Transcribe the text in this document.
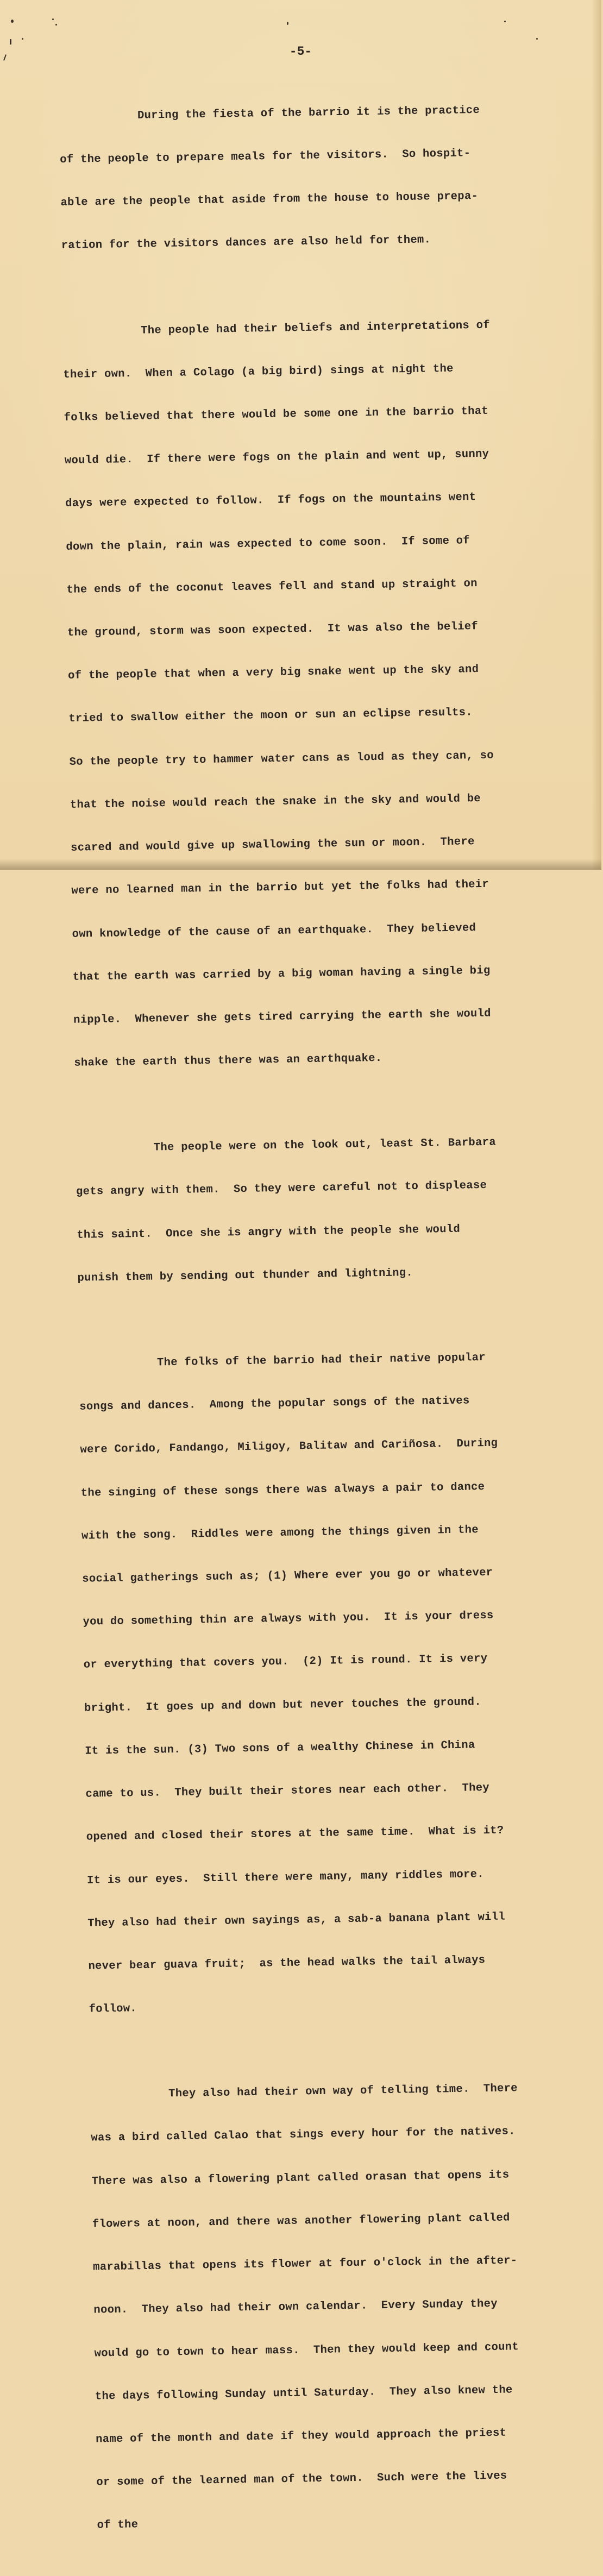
-5-

During the fiesta of the barrio it is the practice

of the people to prepare meals for the visitors.  So hospit-

able are the people that aside from the house to house prepa-

ration for the visitors dances are also held for them.

The people had their beliefs and interpretations of

their own.  When a Colago (a big bird) sings at night the

folks believed that there would be some one in the barrio that

would die.  If there were fogs on the plain and went up, sunny

days were expected to follow.  If fogs on the mountains went

down the plain, rain was expected to come soon.  If some of

the ends of the coconut leaves fell and stand up straight on

the ground, storm was soon expected.  It was also the belief

of the people that when a very big snake went up the sky and

tried to swallow either the moon or sun an eclipse results.

So the people try to hammer water cans as loud as they can, so

that the noise would reach the snake in the sky and would be

scared and would give up swallowing the sun or moon.  There

were no learned man in the barrio but yet the folks had their

own knowledge of the cause of an earthquake.  They believed

that the earth was carried by a big woman having a single big

nipple.  Whenever she gets tired carrying the earth she would

shake the earth thus there was an earthquake.

The people were on the look out, least St. Barbara

gets angry with them.  So they were careful not to displease

this saint.  Once she is angry with the people she would

punish them by sending out thunder and lightning.

The folks of the barrio had their native popular

songs and dances.  Among the popular songs of the natives

were Corido, Fandango, Miligoy, Balitaw and Cariñosa.  During

the singing of these songs there was always a pair to dance

with the song.  Riddles were among the things given in the

social gatherings such as; (1) Where ever you go or whatever

you do something thin are always with you.  It is your dress

or everything that covers you.  (2) It is round. It is very

bright.  It goes up and down but never touches the ground.

It is the sun. (3) Two sons of a wealthy Chinese in China

came to us.  They built their stores near each other.  They

opened and closed their stores at the same time.  What is it?

It is our eyes.  Still there were many, many riddles more.

They also had their own sayings as, a sab-a banana plant will

never bear guava fruit;  as the head walks the tail always

follow.

They also had their own way of telling time.  There

was a bird called Calao that sings every hour for the natives.

There was also a flowering plant called orasan that opens its

flowers at noon, and there was another flowering plant called

marabillas that opens its flower at four o'clock in the after-

noon.  They also had their own calendar.  Every Sunday they

would go to town to hear mass.  Then they would keep and count

the days following Sunday until Saturday.  They also knew the

name of the month and date if they would approach the priest

or some of the learned man of the town.  Such were the lives

of the
